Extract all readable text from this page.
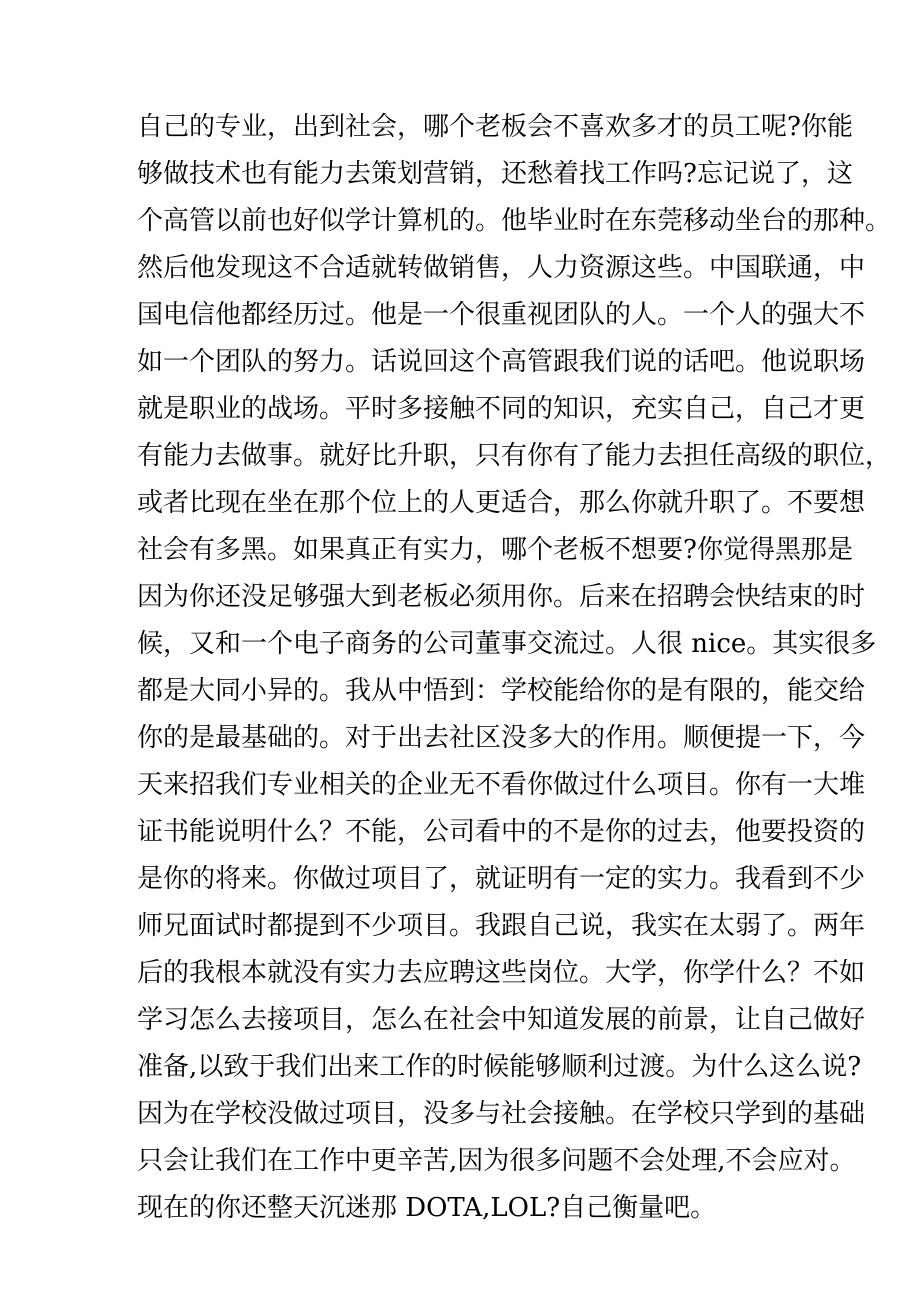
自己的专业，出到社会，哪个老板会不喜欢多才的员工呢?你能
够做技术也有能力去策划营销，还愁着找工作吗?忘记说了，这
个高管以前也好似学计算机的。他毕业时在东莞移动坐台的那种。
然后他发现这不合适就转做销售，人力资源这些。中国联通，中
国电信他都经历过。他是一个很重视团队的人。一个人的强大不
如一个团队的努力。话说回这个高管跟我们说的话吧。他说职场
就是职业的战场。平时多接触不同的知识，充实自己，自己才更
有能力去做事。就好比升职，只有你有了能力去担任高级的职位，
或者比现在坐在那个位上的人更适合，那么你就升职了。不要想
社会有多黑。如果真正有实力，哪个老板不想要?你觉得黑那是
因为你还没足够强大到老板必须用你。后来在招聘会快结束的时
候，又和一个电子商务的公司董事交流过。人很 nice。其实很多
都是大同小异的。我从中悟到：学校能给你的是有限的，能交给
你的是最基础的。对于出去社区没多大的作用。顺便提一下，今
天来招我们专业相关的企业无不看你做过什么项目。你有一大堆
证书能说明什么？不能，公司看中的不是你的过去，他要投资的
是你的将来。你做过项目了，就证明有一定的实力。我看到不少
师兄面试时都提到不少项目。我跟自己说，我实在太弱了。两年
后的我根本就没有实力去应聘这些岗位。大学，你学什么？不如
学习怎么去接项目，怎么在社会中知道发展的前景，让自己做好
准备,以致于我们出来工作的时候能够顺利过渡。为什么这么说?
因为在学校没做过项目，没多与社会接触。在学校只学到的基础
只会让我们在工作中更辛苦,因为很多问题不会处理,不会应对。
现在的你还整天沉迷那 DOTA,LOL?自己衡量吧。
